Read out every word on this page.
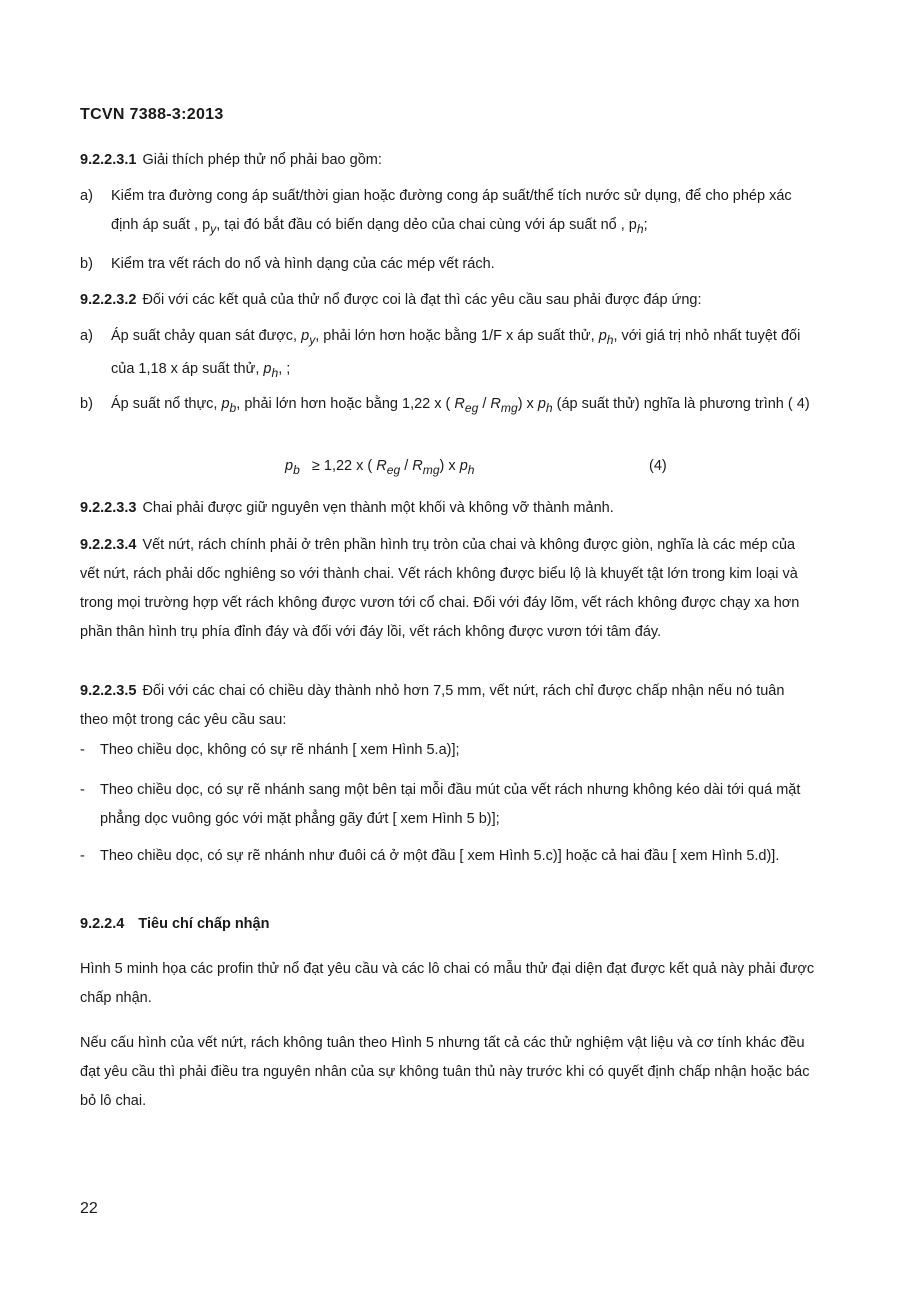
TCVN 7388-3:2013
9.2.2.3.1 Giải thích phép thử nổ phải bao gồm:
a) Kiểm tra đường cong áp suất/thời gian hoặc đường cong áp suất/thể tích nước sử dụng, để cho phép xác định áp suất , $p_y$, tại đó bắt đầu có biến dạng dẻo của chai cùng với áp suất nổ , $p_h$;
b) Kiểm tra vết rách do nổ và hình dạng của các mép vết rách.
9.2.2.3.2 Đối với các kết quả của thử nổ được coi là đạt thì các yêu cầu sau phải được đáp ứng:
a) Áp suất chảy quan sát được, $p_y$, phải lớn hơn hoặc bằng 1/F x áp suất thử, $p_h$, với giá trị nhỏ nhất tuyệt đối của 1,18 x áp suất thử, $p_h$, ;
b) Áp suất nổ thực, $p_b$, phải lớn hơn hoặc bằng 1,22 x ( $R_{eg} / R_{mg}$) x $p_h$ (áp suất thử) nghĩa là phương trình ( 4)
$p_b \ge 1,22$ x ( $R_{eg} / R_{mg}$) x $p_h$	(4)
9.2.2.3.3 Chai phải được giữ nguyên vẹn thành một khối và không vỡ thành mảnh.
9.2.2.3.4 Vết nứt, rách chính phải ở trên phần hình trụ tròn của chai và không được giòn, nghĩa là các mép của vết nứt, rách phải dốc nghiêng so với thành chai. Vết rách không được biểu lộ là khuyết tật lớn trong kim loại và trong mọi trường hợp vết rách không được vươn tới cổ chai. Đối với đáy lõm, vết rách không được chạy xa hơn phần thân hình trụ phía đỉnh đáy và đối với đáy lồi, vết rách không được vươn tới tâm đáy.
9.2.2.3.5 Đối với các chai có chiều dày thành nhỏ hơn 7,5 mm, vết nứt, rách chỉ được chấp nhận nếu nó tuân theo một trong các yêu cầu sau:
- Theo chiều dọc, không có sự rẽ nhánh [ xem Hình 5.a)];
- Theo chiều dọc, có sự rẽ nhánh sang một bên tại mỗi đầu mút của vết rách nhưng không kéo dài tới quá mặt phẳng dọc vuông góc với mặt phẳng gãy đứt [ xem Hình 5 b)];
- Theo chiều dọc, có sự rẽ nhánh như đuôi cá ở một đầu [ xem Hình 5.c)] hoặc cả hai đầu [ xem Hình 5.d)].
9.2.2.4 Tiêu chí chấp nhận
Hình 5 minh họa các profin thử nổ đạt yêu cầu và các lô chai có mẫu thử đại diện đạt được kết quả này phải được chấp nhận.
Nếu cấu hình của vết nứt, rách không tuân theo Hình 5 nhưng tất cả các thử nghiệm vật liệu và cơ tính khác đều đạt yêu cầu thì phải điều tra nguyên nhân của sự không tuân thủ này trước khi có quyết định chấp nhận hoặc bác bỏ lô chai.
22
